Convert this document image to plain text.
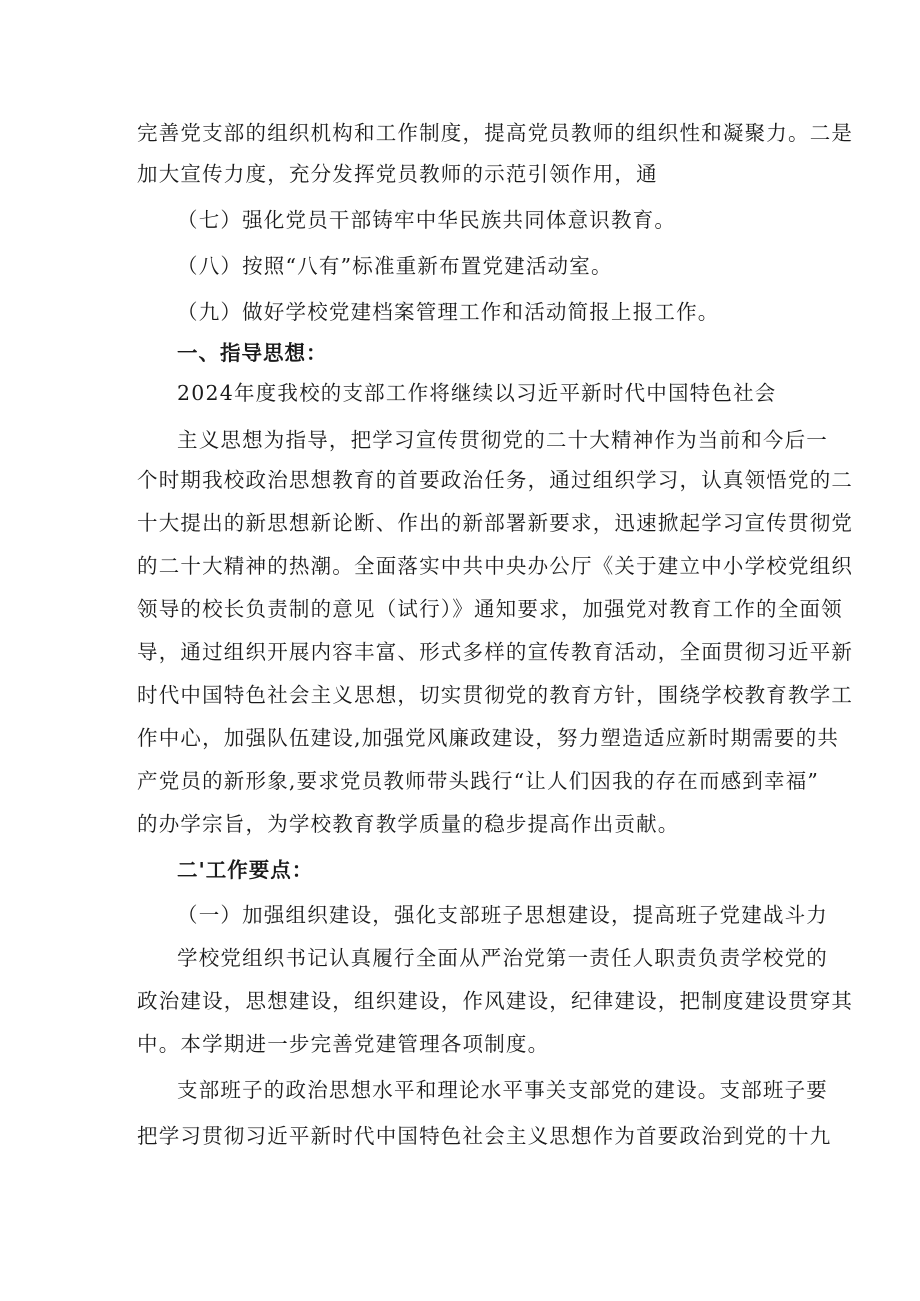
完善党支部的组织机构和工作制度，提高党员教师的组织性和凝聚力。二是
加大宣传力度，充分发挥党员教师的示范引领作用，通
（七）强化党员干部铸牢中华民族共同体意识教育。
（八）按照“八有”标准重新布置党建活动室。
（九）做好学校党建档案管理工作和活动简报上报工作。
一、指导思想：
2024年度我校的支部工作将继续以习近平新时代中国特色社会
主义思想为指导，把学习宣传贯彻党的二十大精神作为当前和今后一
个时期我校政治思想教育的首要政治任务，通过组织学习，认真领悟党的二
十大提出的新思想新论断、作出的新部署新要求，迅速掀起学习宣传贯彻党
的二十大精神的热潮。全面落实中共中央办公厅《关于建立中小学校党组织
领导的校长负责制的意见（试行）》通知要求，加强党对教育工作的全面领
导，通过组织开展内容丰富、形式多样的宣传教育活动，全面贯彻习近平新
时代中国特色社会主义思想，切实贯彻党的教育方针，围绕学校教育教学工
作中心，加强队伍建设,加强党风廉政建设，努力塑造适应新时期需要的共
产党员的新形象,要求党员教师带头践行“让人们因我的存在而感到幸福”
的办学宗旨，为学校教育教学质量的稳步提高作出贡献。
二'工作要点：
（一）加强组织建设，强化支部班子思想建设，提高班子党建战斗力
学校党组织书记认真履行全面从严治党第一责任人职责负责学校党的
政治建设，思想建设，组织建设，作风建设，纪律建设，把制度建设贯穿其
中。本学期进一步完善党建管理各项制度。
支部班子的政治思想水平和理论水平事关支部党的建设。支部班子要
把学习贯彻习近平新时代中国特色社会主义思想作为首要政治到党的十九
